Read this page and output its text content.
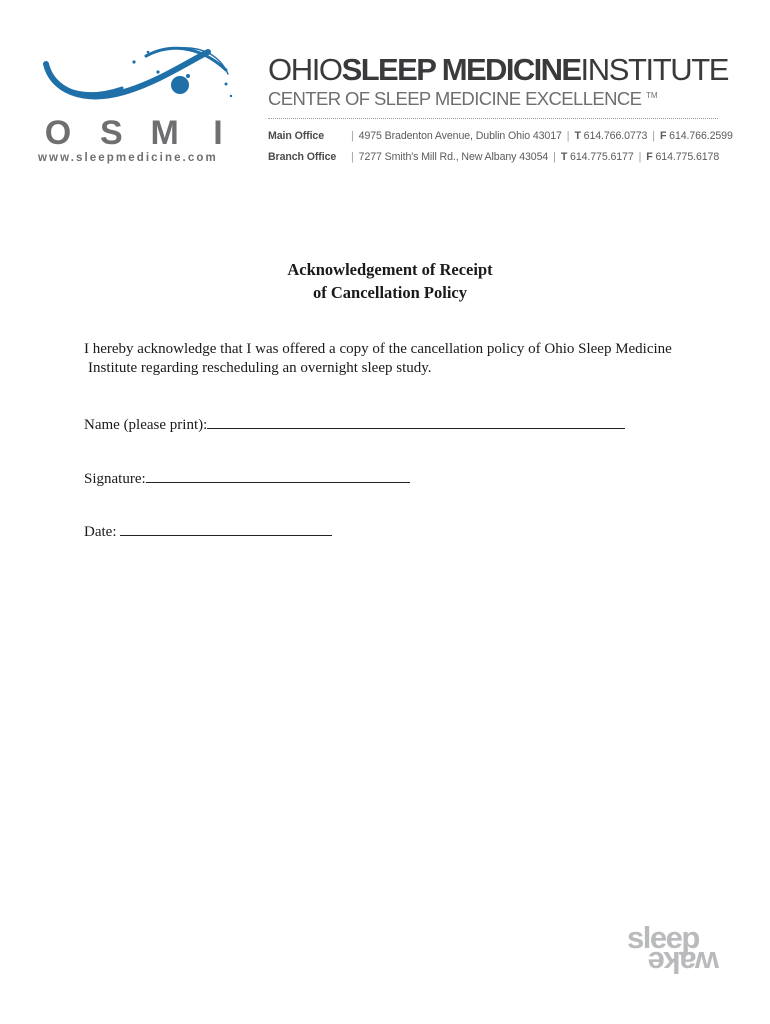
O S M	I
www.sleepmedicine.com
OHIOSLEEP MEDICINEINSTITUTE
CENTER OF SLEEP MEDICINE EXCELLENCE ™
Main Office	| 4975 Bradenton Avenue, Dublin Ohio 43017 | T 614.766.0773 | F 614.766.2599
Branch Office | 7277 Smith's Mill Rd., New Albany 43054 | T 614.775.6177 | F 614.775.6178
Acknowledgement of Receipt
of Cancellation Policy
I hereby acknowledge that I was offered a copy of the cancellation policy of Ohio Sleep Medicine
Institute regarding rescheduling an overnight sleep study.
Name (please print):
Signature:
Date:
sleep
wake
